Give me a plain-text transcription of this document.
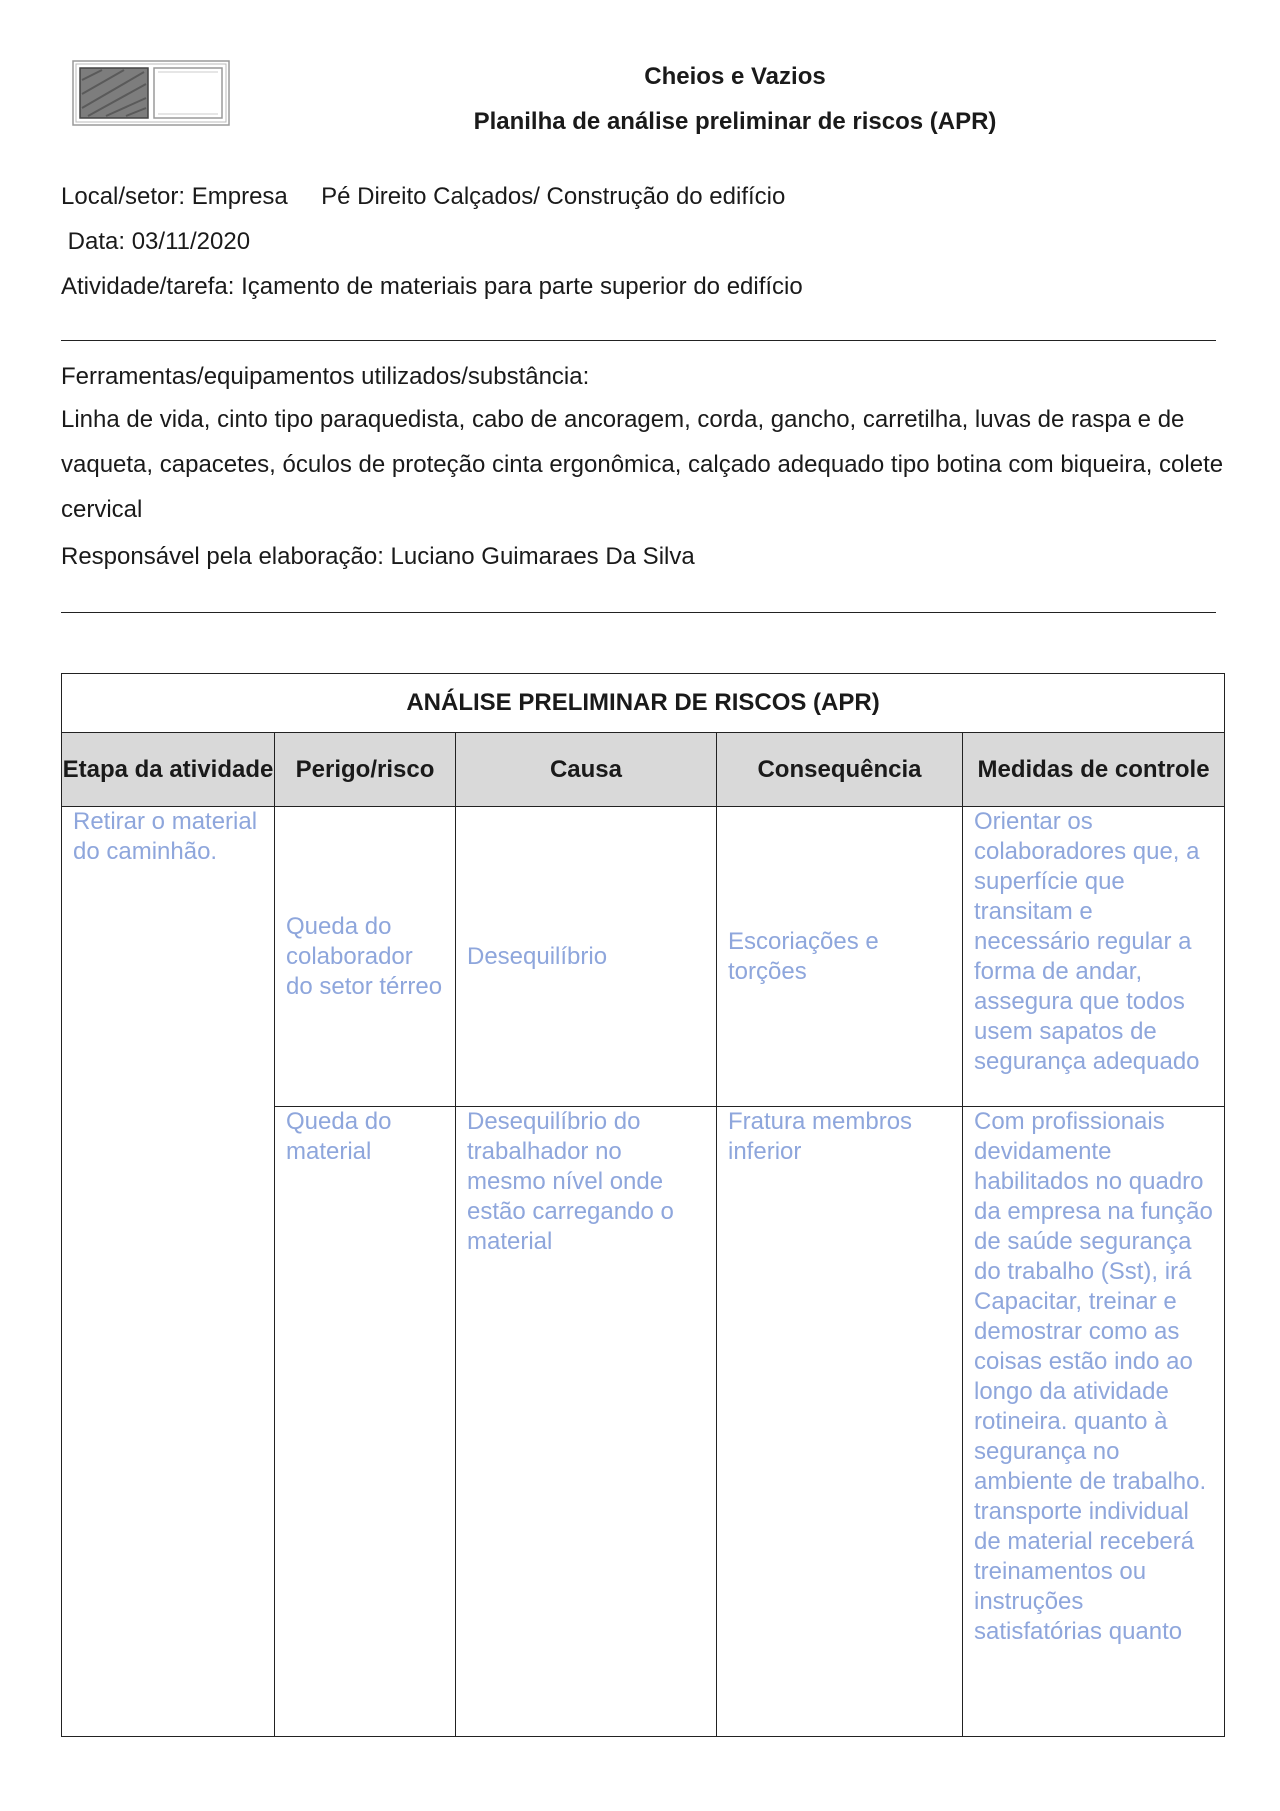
Cheios e Vazios
Planilha de análise preliminar de riscos (APR)
Local/setor: Empresa     Pé Direito Calçados/ Construção do edifício
Data: 03/11/2020
Atividade/tarefa: Içamento de materiais para parte superior do edifício
Ferramentas/equipamentos utilizados/substância:
Linha de vida, cinto tipo paraquedista, cabo de ancoragem, corda, gancho, carretilha, luvas de raspa e de vaqueta, capacetes, óculos de proteção cinta ergonômica, calçado adequado tipo botina com biqueira, colete cervical
Responsável pela elaboração: Luciano Guimaraes Da Silva
ANÁLISE PRELIMINAR DE RISCOS (APR)				
Etapa da atividade	Perigo/risco	Causa	Consequência	Medidas de controle

Retirar o material do caminhão.	Queda do colaborador do setor térreo	Desequilíbrio	Escoriações e torções	Orientar os colaboradores que, a superfície que transitam e necessário regular a forma de andar, assegura que todos usem sapatos de segurança adequado

	Queda do material	Desequilíbrio do trabalhador no mesmo nível onde estão carregando o material	Fratura membros inferior	Com profissionais devidamente habilitados no quadro da empresa na função de saúde segurança do trabalho (Sst), irá Capacitar, treinar e demostrar como as coisas estão indo ao longo da atividade rotineira. quanto à segurança no ambiente de trabalho. transporte individual de material receberá treinamentos ou instruções satisfatórias quanto
